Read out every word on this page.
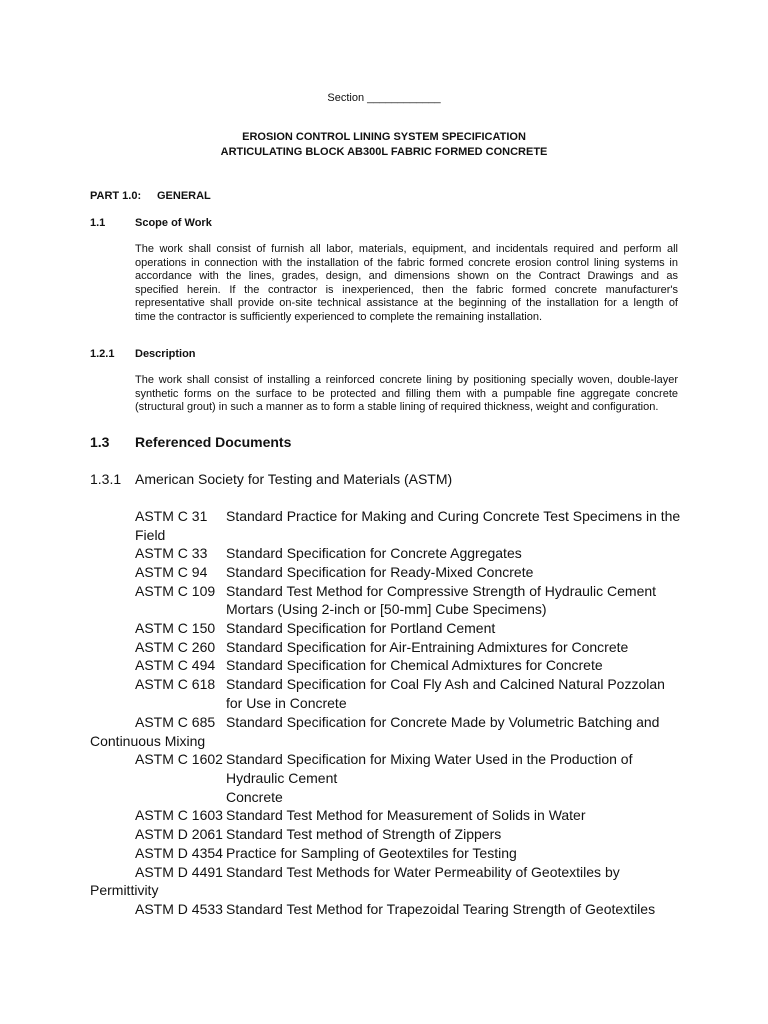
Section ____________
EROSION CONTROL LINING SYSTEM SPECIFICATION
ARTICULATING BLOCK AB300L FABRIC FORMED CONCRETE
PART 1.0: GENERAL
1.1	Scope of Work
The work shall consist of furnish all labor, materials, equipment, and incidentals required and perform all
operations in connection with the installation of the fabric formed concrete erosion control lining systems in
accordance with the lines, grades, design, and dimensions shown on the Contract Drawings and as
specified herein. If the contractor is inexperienced, then the fabric formed concrete manufacturer's
representative shall provide on-site technical assistance at the beginning of the installation for a length of
time the contractor is sufficiently experienced to complete the remaining installation.
1.2.1 Description
The work shall consist of installing a reinforced concrete lining by positioning specially woven, double-layer
synthetic forms on the surface to be protected and filling them with a pumpable fine aggregate concrete
(structural grout) in such a manner as to form a stable lining of required thickness, weight and configuration.
1.3 Referenced Documents
1.3.1 American Society for Testing and Materials (ASTM)
ASTM C 31 Standard Practice for Making and Curing Concrete Test Specimens in the
Field
ASTM C 33 Standard Specification for Concrete Aggregates
ASTM C 94 Standard Specification for Ready-Mixed Concrete
ASTM C 109 Standard Test Method for Compressive Strength of Hydraulic Cement
Mortars (Using 2-inch or [50-mm] Cube Specimens)
ASTM C 150 Standard Specification for Portland Cement
ASTM C 260 Standard Specification for Air-Entraining Admixtures for Concrete
ASTM C 494 Standard Specification for Chemical Admixtures for Concrete
ASTM C 618 Standard Specification for Coal Fly Ash and Calcined Natural Pozzolan
for Use in Concrete
ASTM C 685 Standard Specification for Concrete Made by Volumetric Batching and
Continuous Mixing
ASTM C 1602 Standard Specification for Mixing Water Used in the Production of
Hydraulic Cement
Concrete
ASTM C 1603 Standard Test Method for Measurement of Solids in Water
ASTM D 2061 Standard Test method of Strength of Zippers
ASTM D 4354 Practice for Sampling of Geotextiles for Testing
ASTM D 4491 Standard Test Methods for Water Permeability of Geotextiles by
Permittivity
ASTM D 4533 Standard Test Method for Trapezoidal Tearing Strength of Geotextiles
